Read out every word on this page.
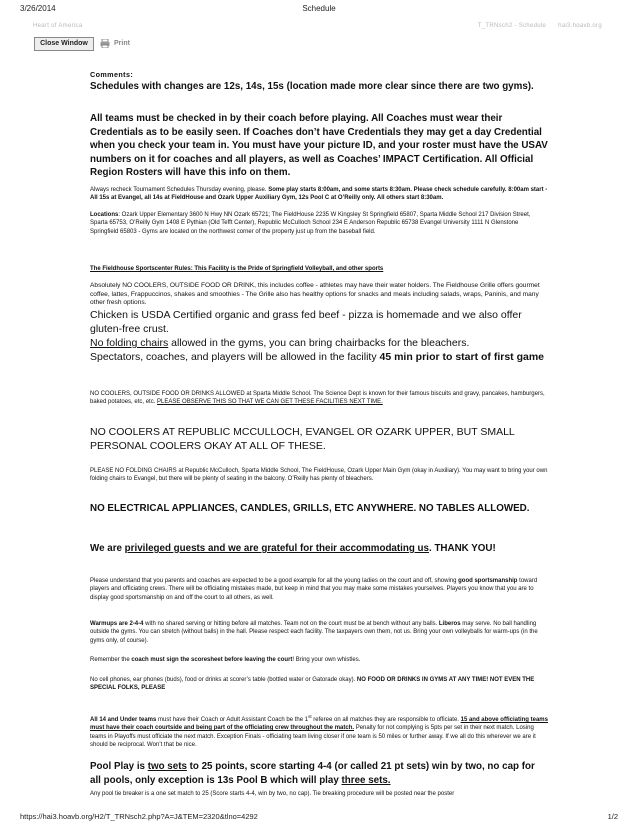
3/26/2014	Schedule
Heart of America	T_TRNsch2 - Schedule hai3.hoavb.org
Close Window	Print
Comments:
Schedules with changes are 12s, 14s, 15s (location made more clear since there are two gyms).
All teams must be checked in by their coach before playing. All Coaches must wear their Credentials as to be easily seen. If Coaches don’t have Credentials they may get a day Credential when you check your team in. You must have your picture ID, and your roster must have the USAV numbers on it for coaches and all players, as well as Coaches’ IMPACT Certification. All Official Region Rosters will have this info on them.
Always recheck Tournament Schedules Thursday evening, please. Some play starts 8:00am, and some starts 8:30am. Please check schedule carefully. 8:00am start - All 15s at Evangel, all 14s at FieldHouse and Ozark Upper Auxiliary Gym, 12s Pool C at O’Reilly only. All others start 8:30am.
Locations: Ozark Upper Elementary 3600 N Hwy NN Ozark 65721; The FieldHouse 2235 W Kingsley St Springfield 65807, Sparta Middle School 217 Division Street, Sparta 65753, O’Reilly Gym 1408 E Pythian (Old Tefft Center), Republic McCulloch School 234 E Anderson Republic 65738 Evangel University 1111 N Glenstone Springfield 65803 - Gyms are located on the northwest corner of the property just up from the baseball field.
The Fieldhouse Sportscenter Rules: This Facility is the Pride of Springfield Volleyball, and other sports
Absolutely NO COOLERS, OUTSIDE FOOD OR DRINK, this includes coffee - athletes may have their water holders. The Fieldhouse Grille offers gourmet coffee, lattes, Frappuccinos, shakes and smoothies - The Grille also has healthy options for snacks and meals including salads, wraps, Paninis, and many other fresh options.
Chicken is USDA Certified organic and grass fed beef - pizza is homemade and we also offer gluten-free crust.
No folding chairs allowed in the gyms, you can bring chairbacks for the bleachers.
Spectators, coaches, and players will be allowed in the facility 45 min prior to start of first game
NO COOLERS, OUTSIDE FOOD OR DRINKS ALLOWED at Sparta Middle School. The Science Dept is known for their famous biscuits and gravy, pancakes, hamburgers, baked potatoes, etc, etc. PLEASE OBSERVE THIS SO THAT WE CAN GET THESE FACILITIES NEXT TIME.
NO COOLERS AT REPUBLIC MCCULLOCH, EVANGEL OR OZARK UPPER, BUT SMALL PERSONAL COOLERS OKAY AT ALL OF THESE.
PLEASE NO FOLDING CHAIRS at Republic McCulloch, Sparta Middle School, The FieldHouse, Ozark Upper Main Gym (okay in Auxiliary). You may want to bring your own folding chairs to Evangel, but there will be plenty of seating in the balcony. O’Reilly has plenty of bleachers.
NO ELECTRICAL APPLIANCES, CANDLES, GRILLS, ETC ANYWHERE. NO TABLES ALLOWED.
We are privileged guests and we are grateful for their accommodating us. THANK YOU!
Please understand that you parents and coaches are expected to be a good example for all the young ladies on the court and off, showing good sportsmanship toward players and officiating crews. There will be officiating mistakes made, but keep in mind that you may make some mistakes yourselves. Players you know that you are to display good sportsmanship on and off the court to all others, as well.
Warmups are 2-4-4 with no shared serving or hitting before all matches. Team not on the court must be at bench without any balls. Liberos may serve. No ball handling outside the gyms. You can stretch (without balls) in the hall. Please respect each facility. The taxpayers own them, not us. Bring your own volleyballs for warm-ups (in the gyms only, of course).
Remember the coach must sign the scoresheet before leaving the court! Bring your own whistles.
No cell phones, ear phones (buds), food or drinks at scorer’s table (bottled water or Gatorade okay). NO FOOD OR DRINKS IN GYMS AT ANY TIME! NOT EVEN THE SPECIAL FOLKS, PLEASE
All 14 and Under teams must have their Coach or Adult Assistant Coach be the 1st referee on all matches they are responsible to officiate. 15 and above officiating teams must have their coach courtside and being part of the officiating crew throughout the match. Penalty for not complying is 5pts per set in their next match. Losing teams in Playoffs must officiate the next match. Exception Finals - officiating team living closer if one team is 50 miles or further away. If we all do this wherever we are it should be reciprocal. Won’t that be nice.
Pool Play is two sets to 25 points, score starting 4-4 (or called 21 pt sets) win by two, no cap for all pools, only exception is 13s Pool B which will play three sets.
Any pool tie breaker is a one set match to 25 (Score starts 4-4, win by two, no cap). Tie breaking procedure will be posted near the poster
https://hai3.hoavb.org/H2/T_TRNsch2.php?A=J&TEM=2320&tlno=4292	1/2
